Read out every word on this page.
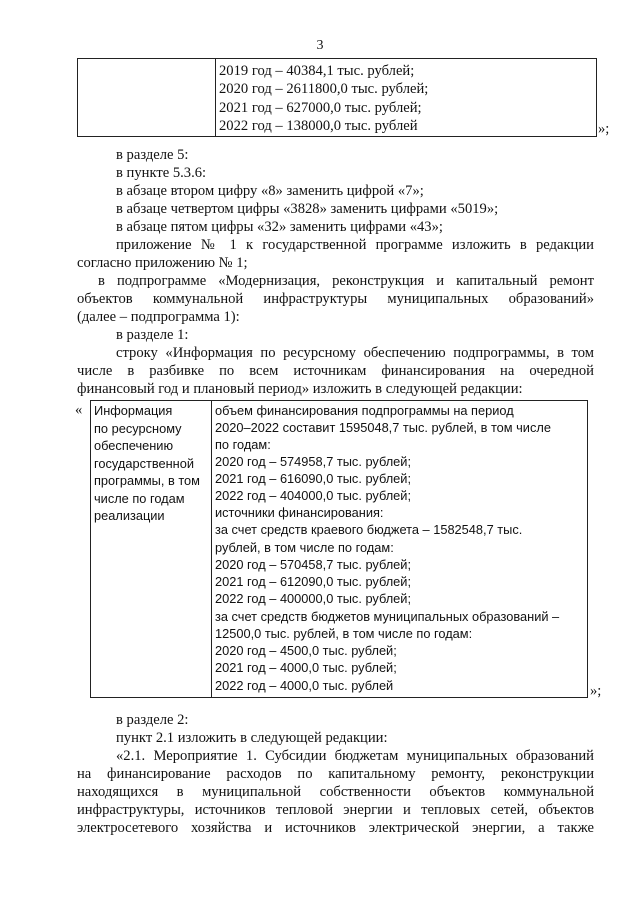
3
2019 год – 40384,1 тыс. рублей;
2020 год – 2611800,0 тыс. рублей;
2021 год – 627000,0 тыс. рублей;
2022 год – 138000,0 тыс. рублей	»;
в разделе 5:
в пункте 5.3.6:
в абзаце втором цифру «8» заменить цифрой «7»;
в абзаце четвертом цифры «3828» заменить цифрами «5019»;
в абзаце пятом цифры «32» заменить цифрами «43»;
приложение № 1 к государственной программе изложить в редакции
согласно приложению № 1;
в подпрограмме «Модернизация, реконструкция и капитальный ремонт
объектов коммунальной инфраструктуры муниципальных образований»
(далее – подпрограмма 1):
в разделе 1:
строку «Информация по ресурсному обеспечению подпрограммы, в том
числе в разбивке по всем источникам финансирования на очередной
финансовый год и плановый период» изложить в следующей редакции:
« Информация
по ресурсному
обеспечению
государственной
программы, в том
числе по годам
реализации
объем финансирования подпрограммы на период
2020–2022 составит 1595048,7 тыс. рублей, в том числе
по годам:
2020 год – 574958,7 тыс. рублей;
2021 год – 616090,0 тыс. рублей;
2022 год – 404000,0 тыс. рублей;
источники финансирования:
за счет средств краевого бюджета – 1582548,7 тыс.
рублей, в том числе по годам:
2020 год – 570458,7 тыс. рублей;
2021 год – 612090,0 тыс. рублей;
2022 год – 400000,0 тыс. рублей;
за счет средств бюджетов муниципальных образований –
12500,0 тыс. рублей, в том числе по годам:
2020 год – 4500,0 тыс. рублей;
2021 год – 4000,0 тыс. рублей;
2022 год – 4000,0 тыс. рублей	»;
в разделе 2:
пункт 2.1 изложить в следующей редакции:
«2.1. Мероприятие 1. Субсидии бюджетам муниципальных образований
на финансирование расходов по капитальному ремонту, реконструкции
находящихся в муниципальной собственности объектов коммунальной
инфраструктуры, источников тепловой энергии и тепловых сетей, объектов
электросетевого хозяйства и источников электрической энергии, а также
